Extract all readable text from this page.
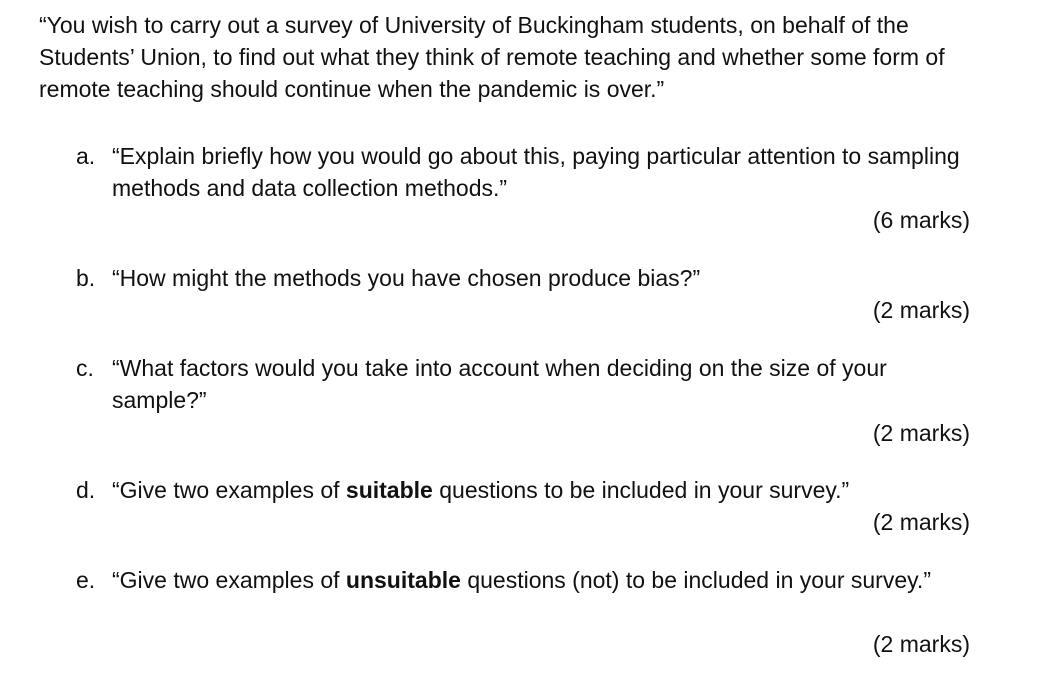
“You wish to carry out a survey of University of Buckingham students, on behalf of the Students’ Union, to find out what they think of remote teaching and whether some form of remote teaching should continue when the pandemic is over.”

a. “Explain briefly how you would go about this, paying particular attention to sampling methods and data collection methods.”
(6 marks)
b. “How might the methods you have chosen produce bias?”
(2 marks)
c. “What factors would you take into account when deciding on the size of your sample?”
(2 marks)
d. “Give two examples of suitable questions to be included in your survey.”
(2 marks)
e. “Give two examples of unsuitable questions (not) to be included in your survey.”
(2 marks)
